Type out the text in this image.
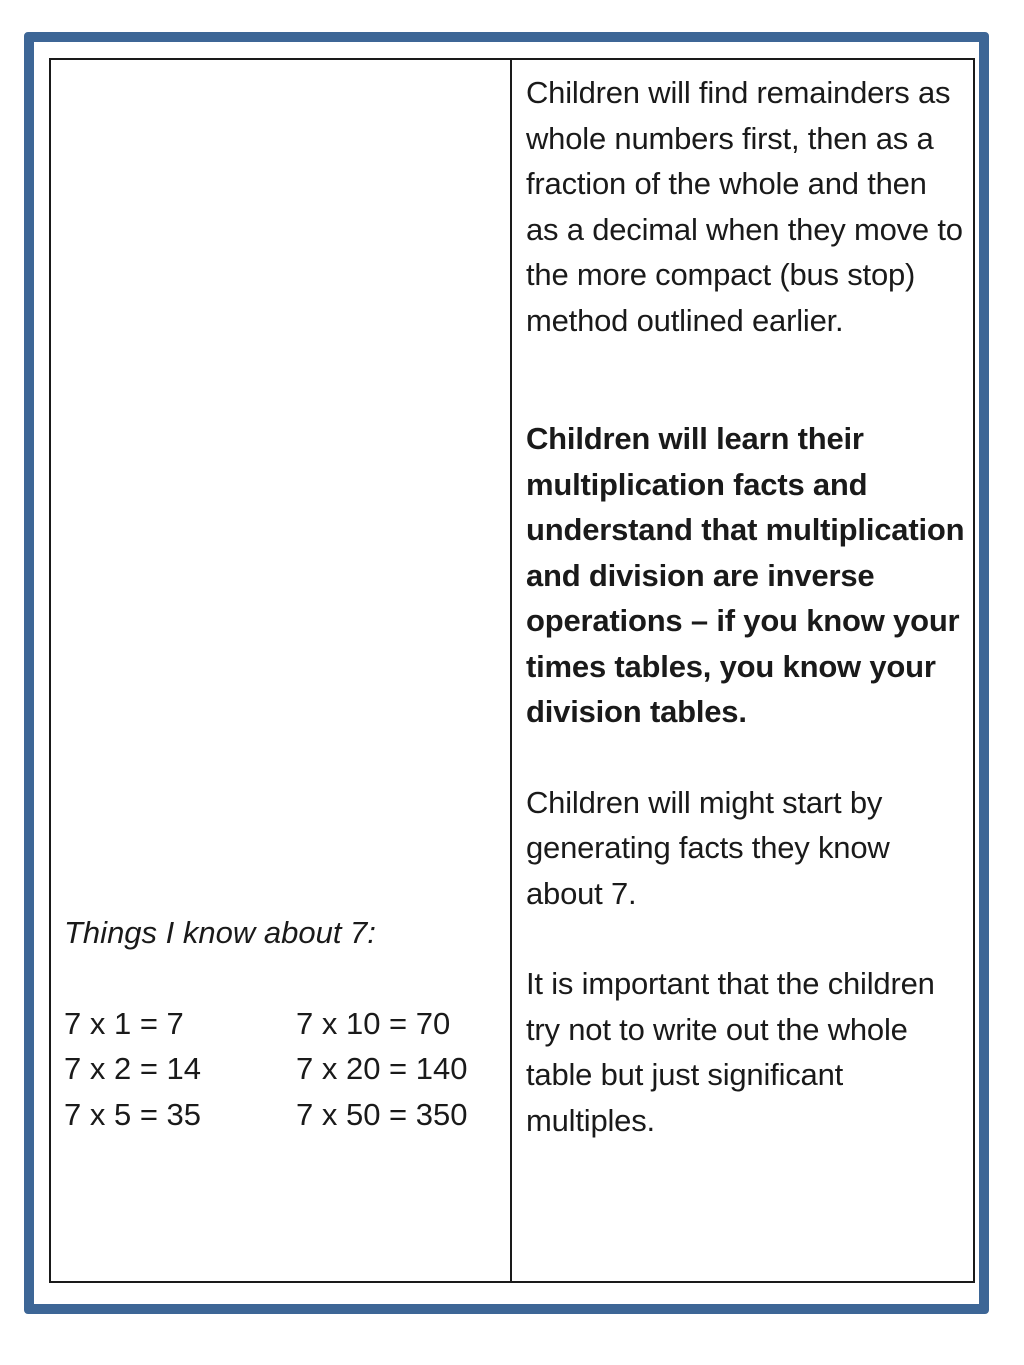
Children will find remainders as whole numbers first, then as a fraction of the whole and then as a decimal when they move to the more compact (bus stop) method outlined earlier.

Children will learn their multiplication facts and understand that multiplication and division are inverse operations – if you know your times tables, you know your division tables.

Children will might start by generating facts they know about 7.

It is important that the children try not to write out the whole table but just significant multiples.

Things I know about 7:

7 x 1 = 7	7 x 10 = 70
7 x 2 = 14	7 x 20 = 140
7 x 5 = 35	7 x 50 = 350
